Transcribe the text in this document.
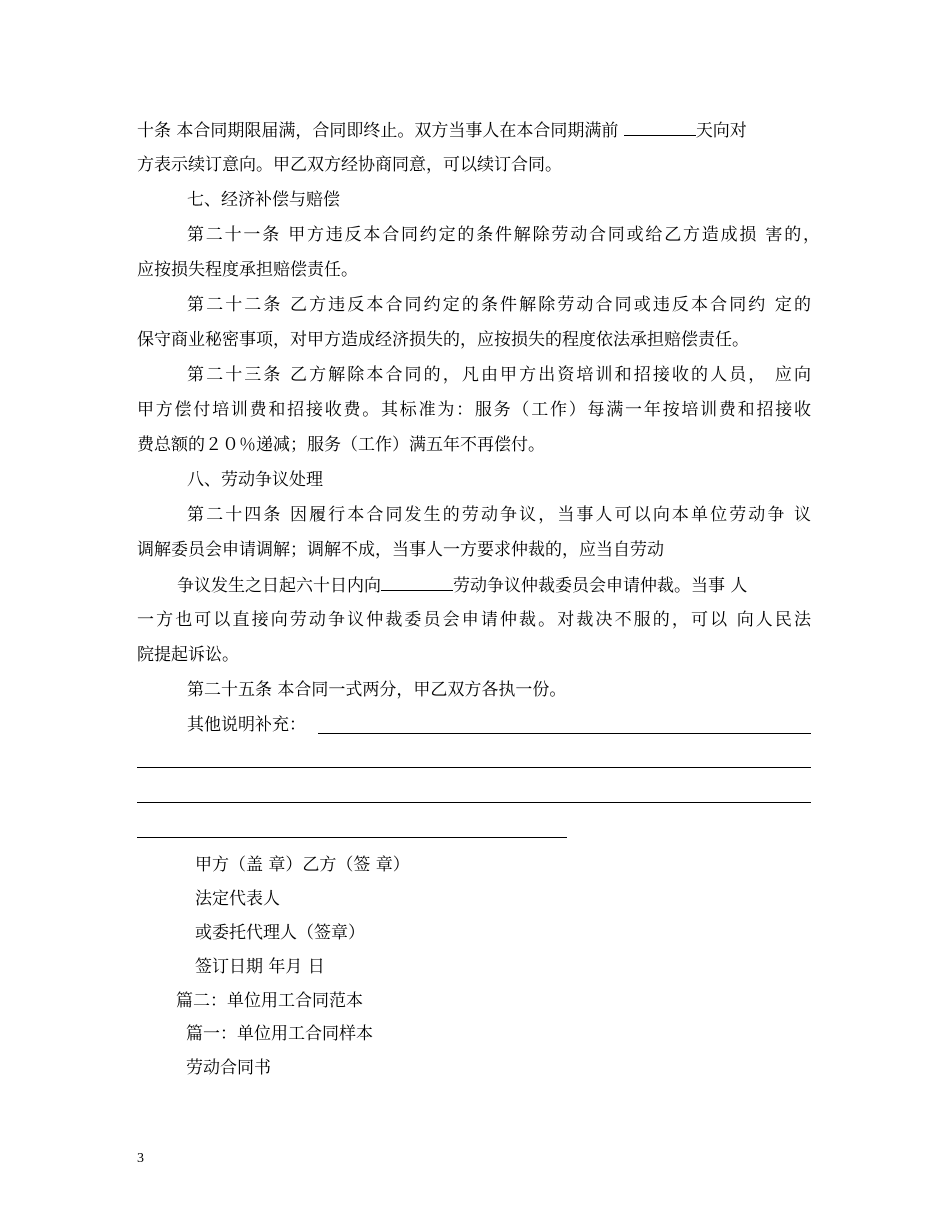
十条 本合同期限届满，合同即终止。双方当事人在本合同期满前	天向对
方表示续订意向。甲乙双方经协商同意，可以续订合同。
七、经济补偿与赔偿
第二十一条 甲方违反本合同约定的条件解除劳动合同或给乙方造成损 害的，
应按损失程度承担赔偿责任。
第二十二条 乙方违反本合同约定的条件解除劳动合同或违反本合同约 定的
保守商业秘密事项，对甲方造成经济损失的，应按损失的程度依法承担赔偿责任。
第二十三条 乙方解除本合同的，凡由甲方出资培训和招接收的人员， 应向
甲方偿付培训费和招接收费。其标准为：服务（工作）每满一年按培训费和招接收
费总额的２０％递减；服务（工作）满五年不再偿付。
八、劳动争议处理
第二十四条 因履行本合同发生的劳动争议，当事人可以向本单位劳动争 议
调解委员会申请调解；调解不成，当事人一方要求仲裁的，应当自劳动
争议发生之日起六十日内向	劳动争议仲裁委员会申请仲裁。当事 人
一方也可以直接向劳动争议仲裁委员会申请仲裁。对裁决不服的，可以 向人民法
院提起诉讼。
第二十五条 本合同一式两分，甲乙双方各执一份。
其他说明补充：
甲方（盖 章）乙方（签 章）
法定代表人
或委托代理人（签章）
签订日期 年月 日
篇二：单位用工合同范本
篇一：单位用工合同样本
劳动合同书
3
